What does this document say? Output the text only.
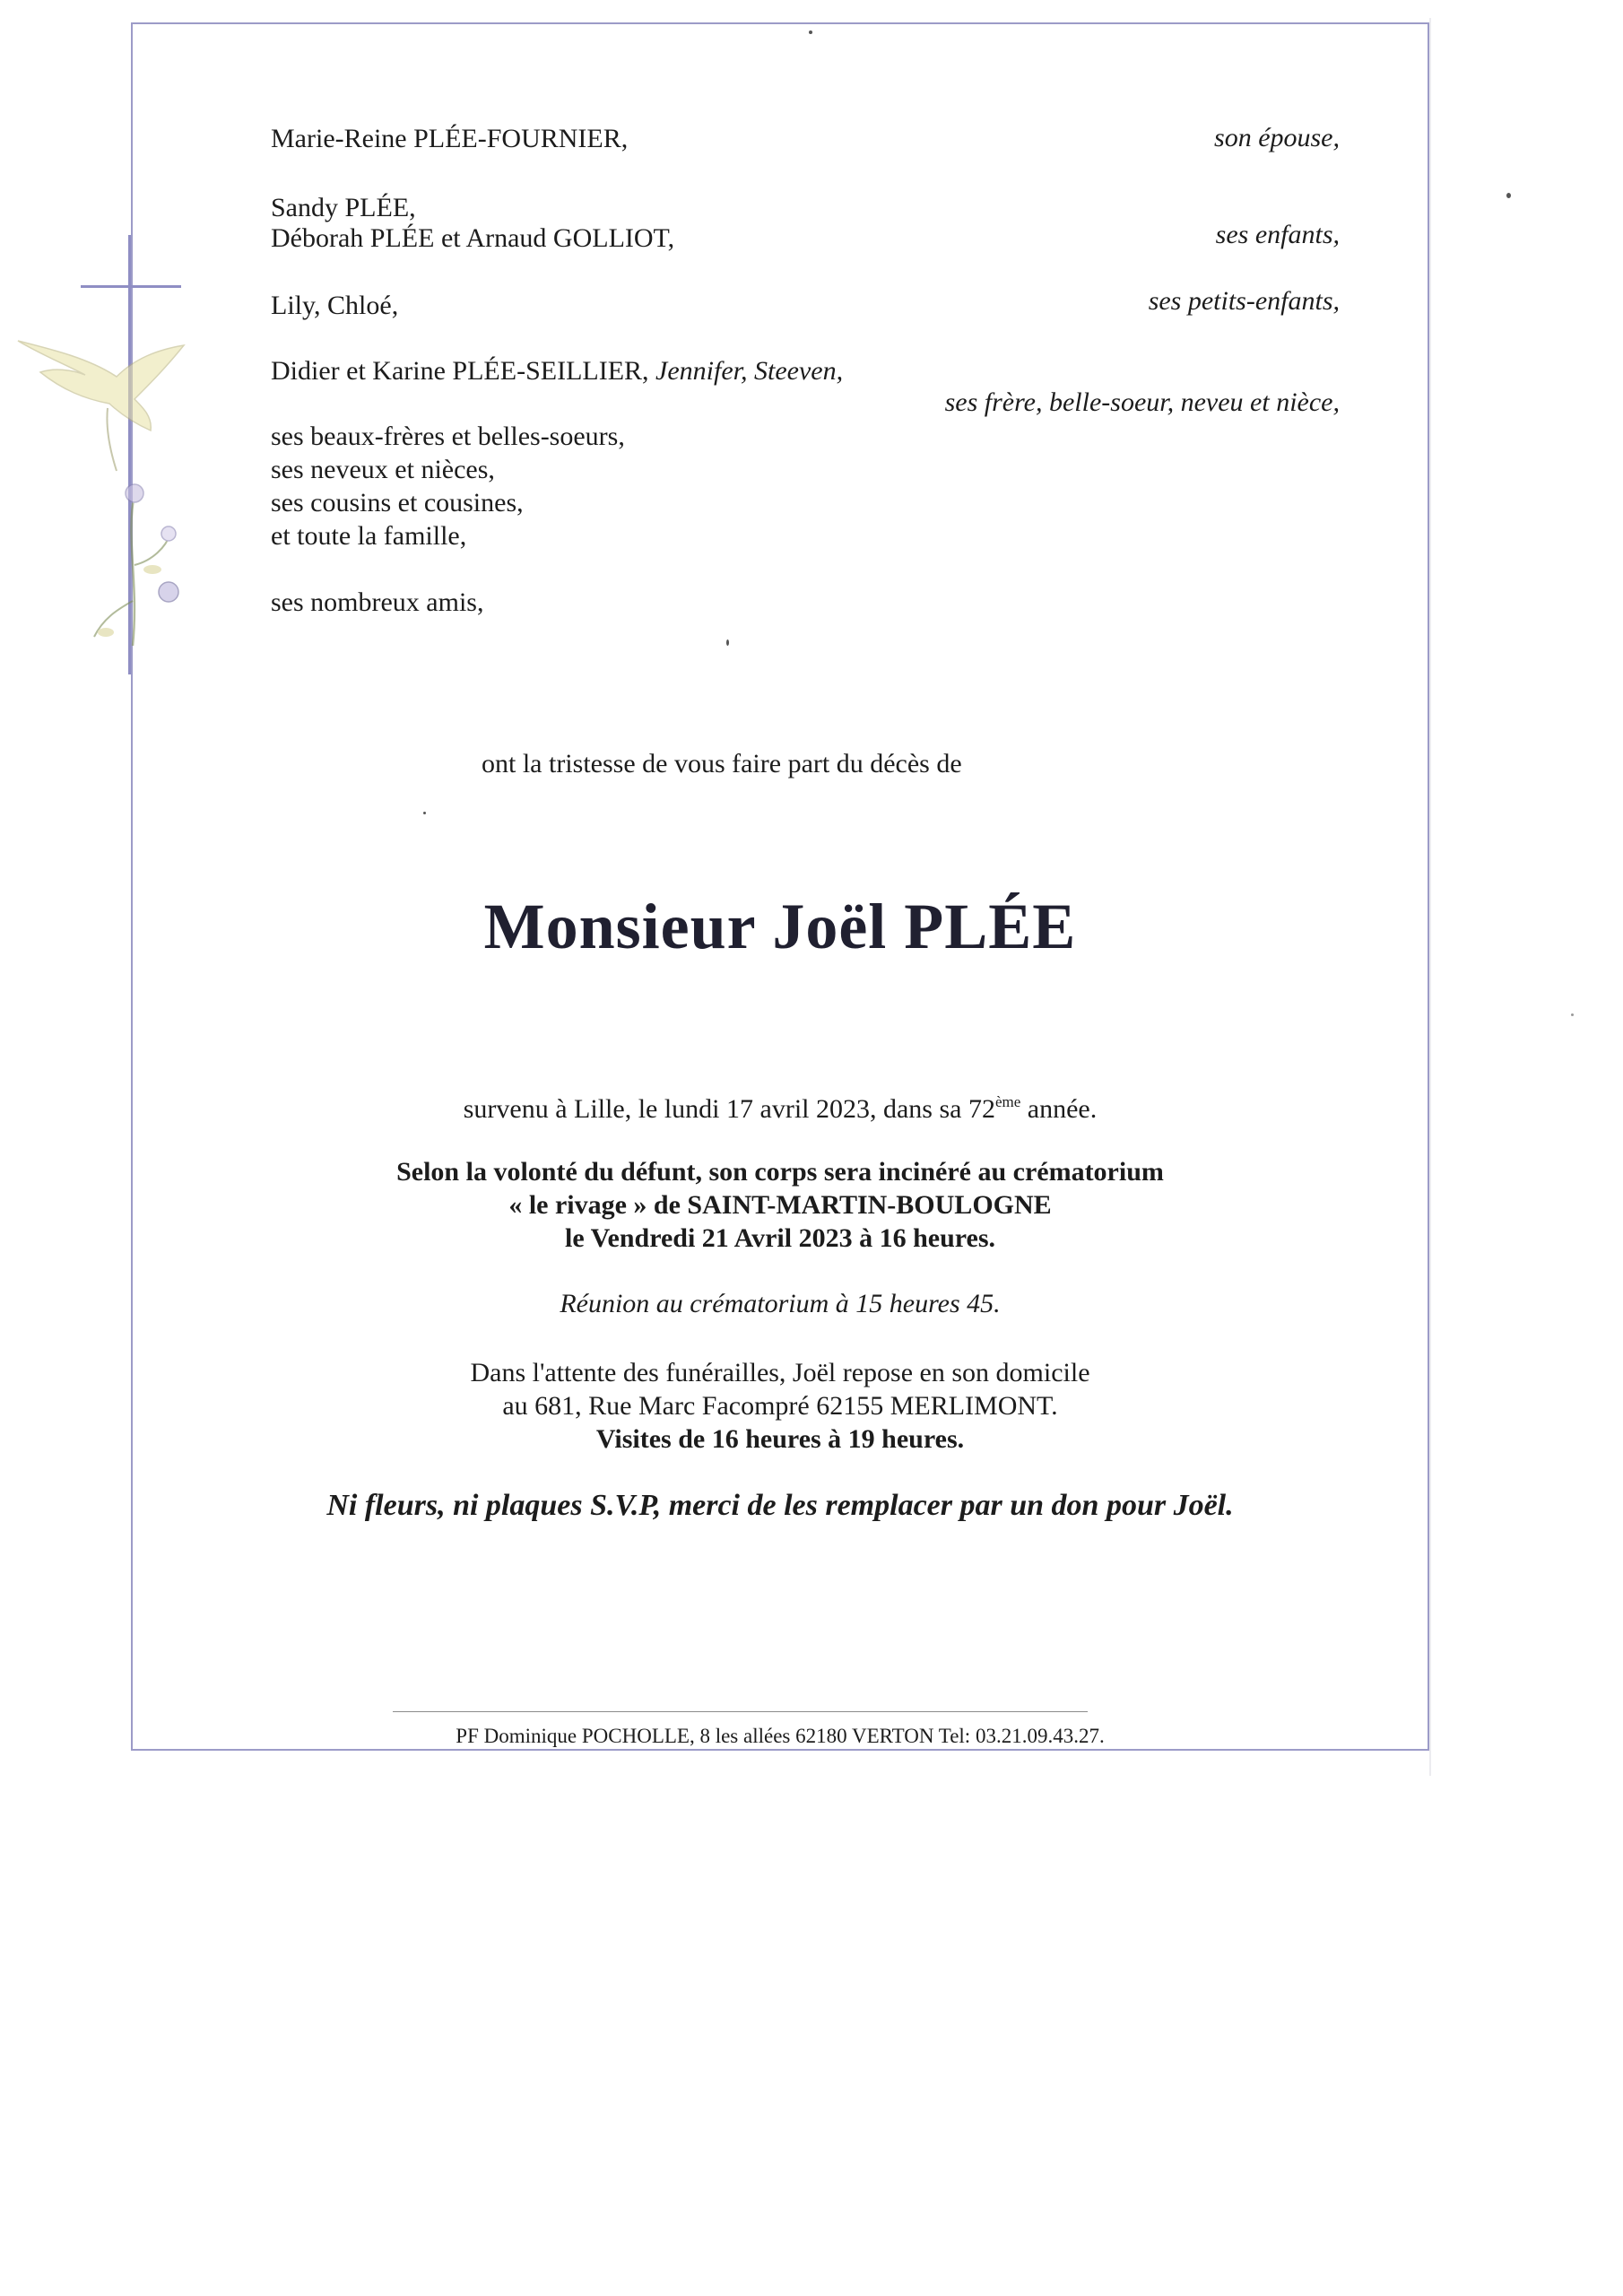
Marie-Reine PLÉE-FOURNIER,	son épouse,
Sandy PLÉE,
Déborah PLÉE et Arnaud GOLLIOT,	ses enfants,
Lily, Chloé,	ses petits-enfants,
Didier et Karine PLÉE-SEILLIER, Jennifer, Steeven,
ses frère, belle-soeur, neveu et nièce,
ses beaux-frères et belles-soeurs,
ses neveux et nièces,
ses cousins et cousines,
et toute la famille,
ses nombreux amis,
ont la tristesse de vous faire part du décès de
Monsieur Joël PLÉE
survenu à Lille, le lundi 17 avril 2023, dans sa 72ème année.
Selon la volonté du défunt, son corps sera incinéré au crématorium
« le rivage » de SAINT-MARTIN-BOULOGNE
le Vendredi 21 Avril 2023 à 16 heures.
Réunion au crématorium à 15 heures 45.
Dans l'attente des funérailles, Joël repose en son domicile
au 681, Rue Marc Facompré 62155 MERLIMONT.
Visites de 16 heures à 19 heures.
Ni fleurs, ni plaques S.V.P, merci de les remplacer par un don pour Joël.
PF Dominique POCHOLLE, 8 les allées 62180 VERTON Tel: 03.21.09.43.27.
